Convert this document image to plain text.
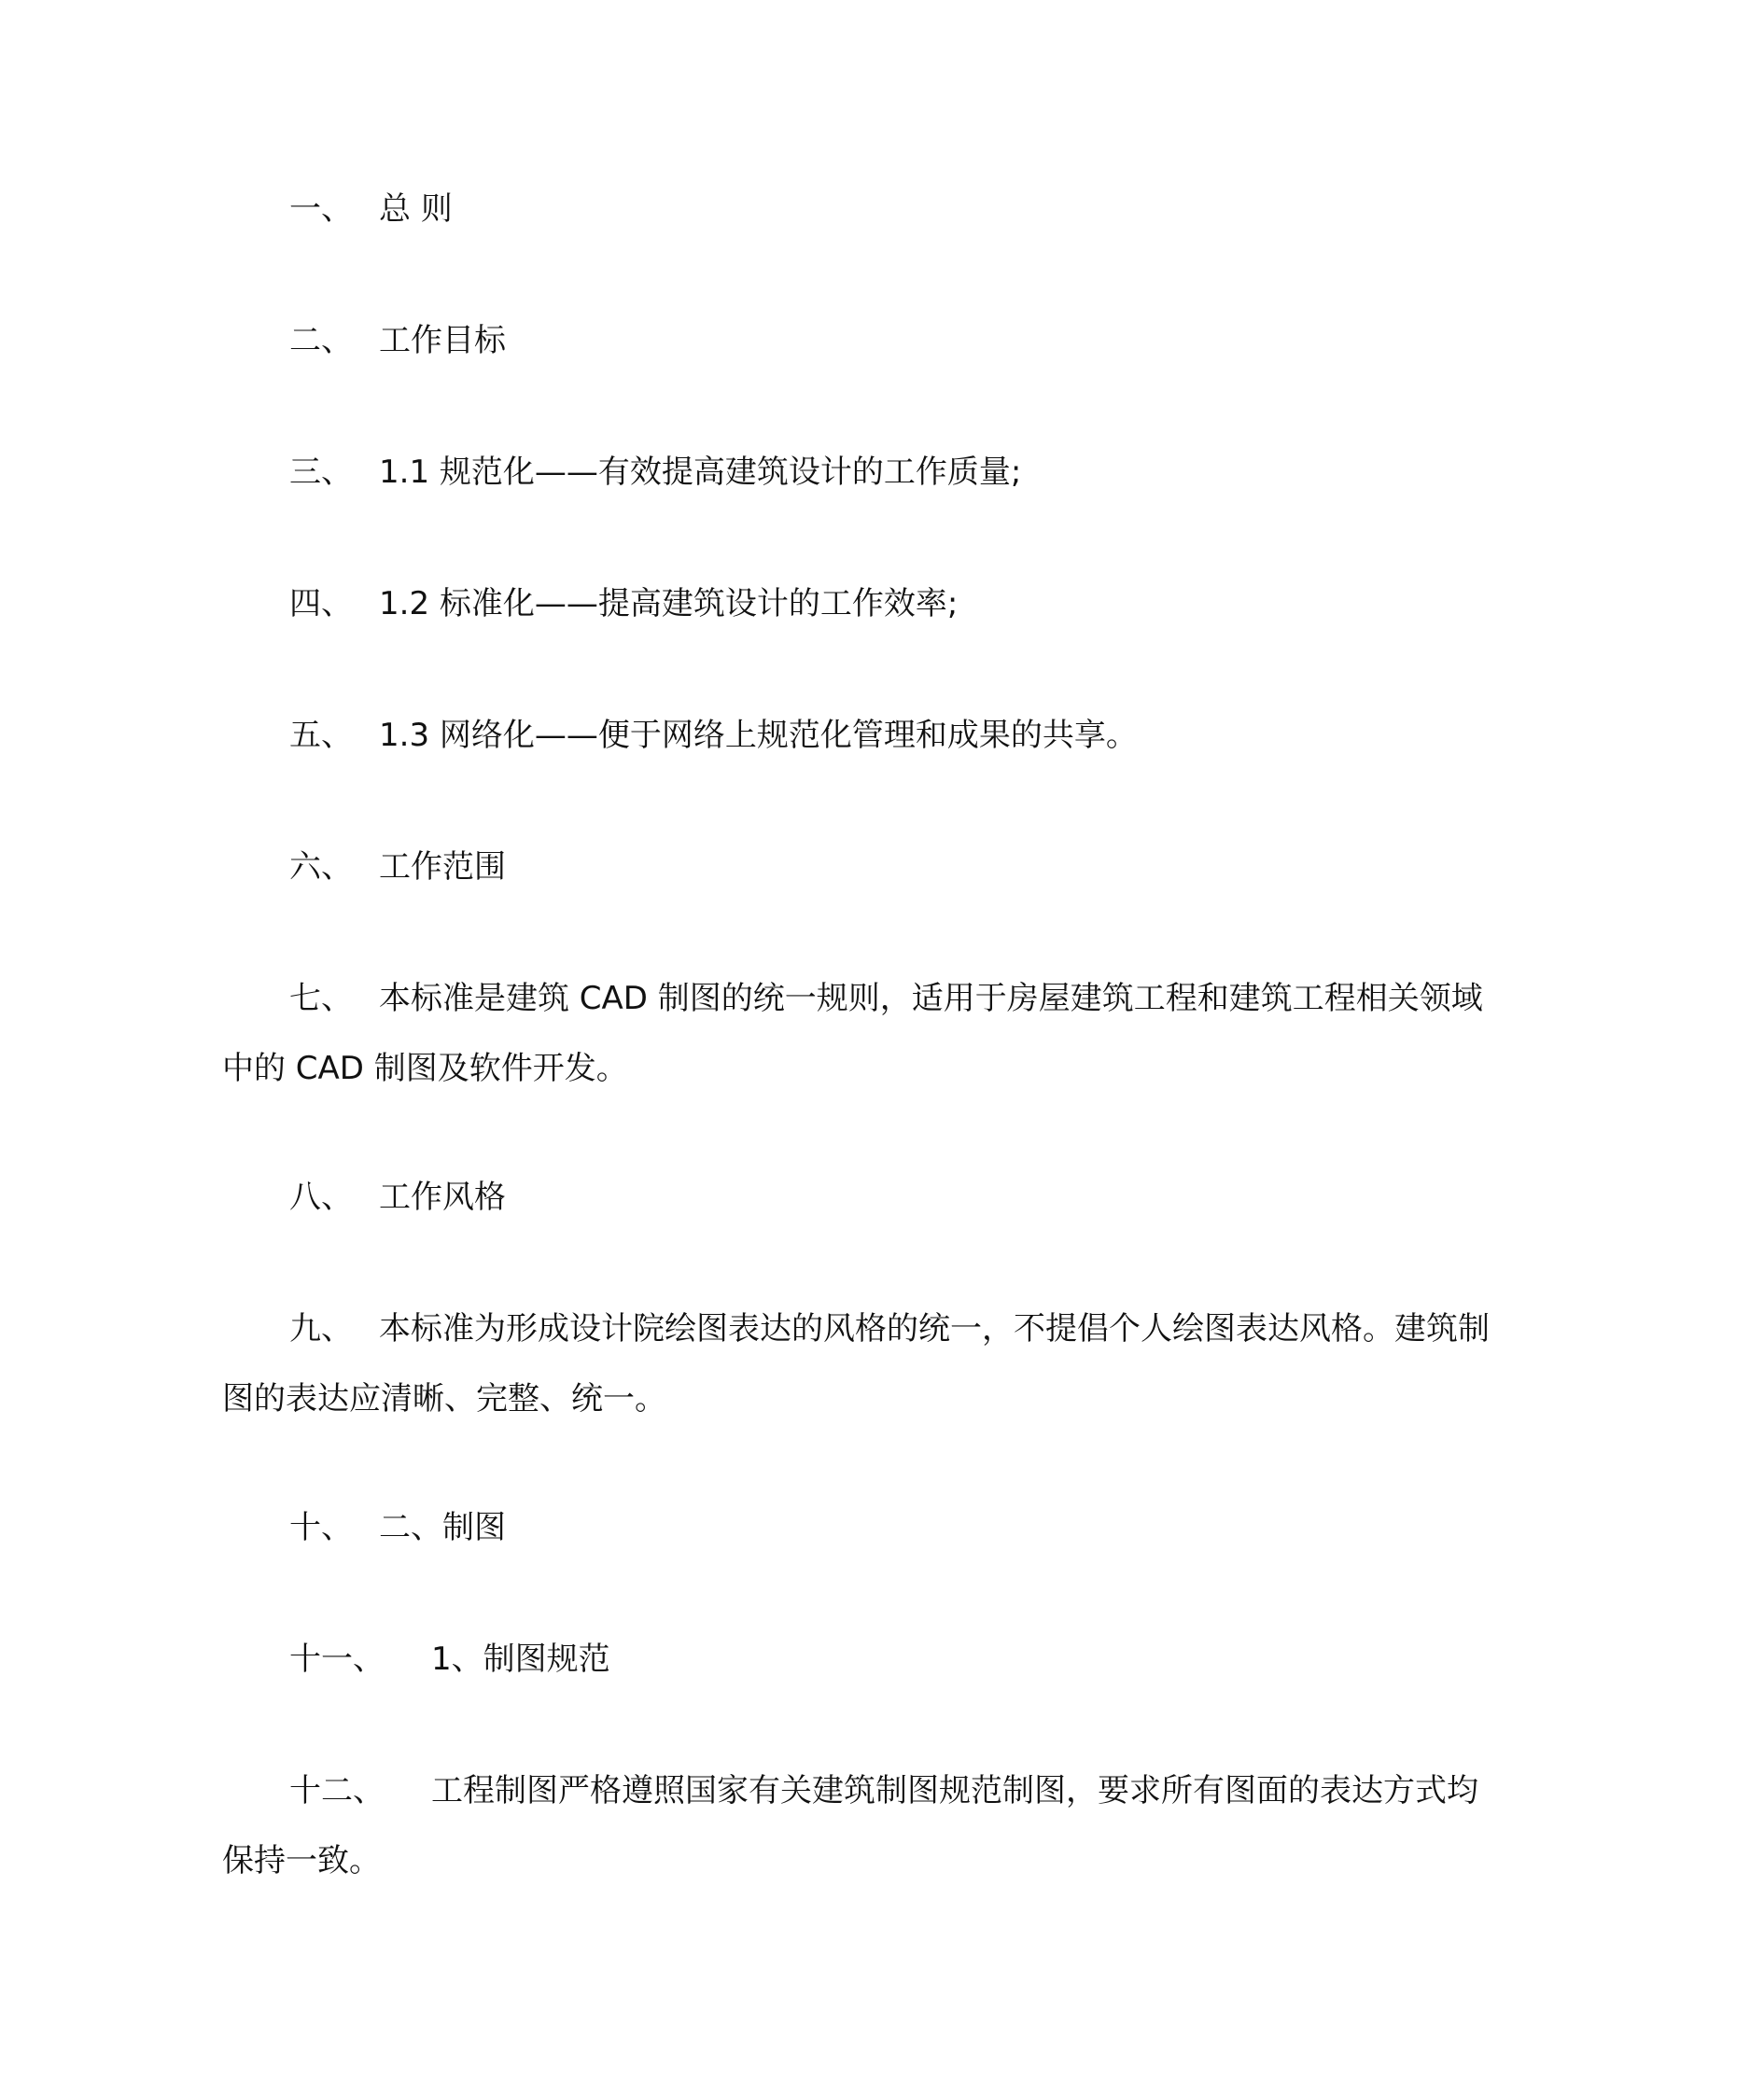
一、 总 则
二、 工作目标
三、 1.1 规范化——有效提高建筑设计的工作质量;
四、 1.2 标准化——提高建筑设计的工作效率;
五、 1.3 网络化——便于网络上规范化管理和成果的共享。
六、 工作范围
七、 本标准是建筑 CAD 制图的统一规则，适用于房屋建筑工程和建筑工程相关领域
中的 CAD 制图及软件开发。
八、 工作风格
九、 本标准为形成设计院绘图表达的风格的统一，不提倡个人绘图表达风格。建筑制
图的表达应清晰、完整、统一。
十、 二、制图
十一、 1、制图规范
十二、 工程制图严格遵照国家有关建筑制图规范制图，要求所有图面的表达方式均
保持一致。
